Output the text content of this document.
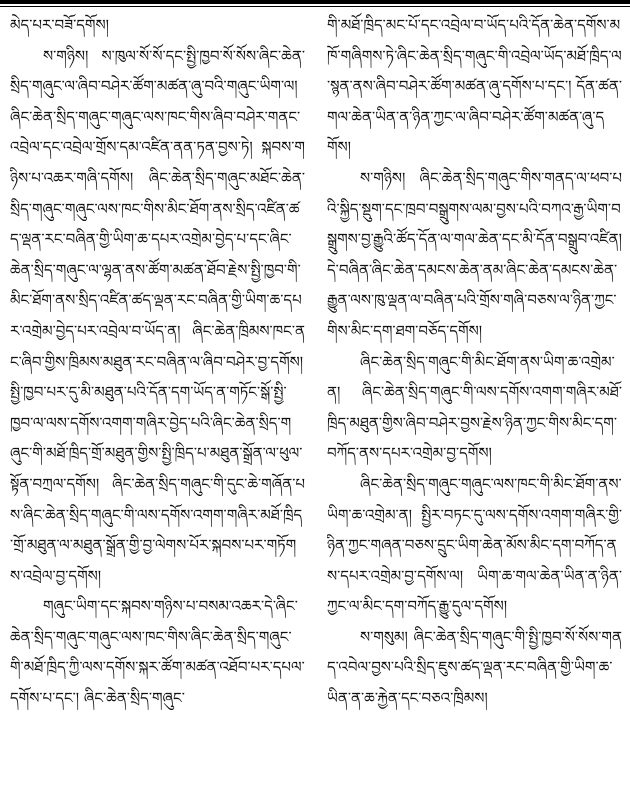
མེད་པར་བཟོ་དགོས།

ས་གཉིས། ས་ཁུལ་སོ་སོ་དང་སྤྱི་ཁྱབ་སོ་སོས་ཞིང་ཆེན་སྲིད་གཞུང་ལ་ཞིབ་བཤེར་ཚོག་མཚན་ཞུ་བའི་གཞུང་ཡིག་ལ། ཞིང་ཆེན་སྲིད་གཞུང་གཞུང་ལས་ཁང་གིས་ཞིབ་བཤེར་གནང་འབྲེལ་དང་འབྲེལ་གྲོས་དམ་འཛིན་ནན་ཏན་བྱས་ཏེ། སྐབས་གཉིས་པ་འཆར་གཞི་དགོས། ཞིང་ཆེན་སྲིད་གཞུང་མཐོང་ཆེན་སྲིད་གཞུང་གཞུང་ལས་ཁང་གིས་མིང་ཐོག་ནས་སྲིད་འཛིན་ཚད་ལྡན་རང་བཞིན་གྱི་ཡིག་ཆ་དཔར་འགྲེམ་བྱེད་པ་དང་ཞིང་ཆེན་སྲིད་གཞུང་ལ་ལྷན་ནས་ཚོག་མཚན་ཐོབ་རྗེས་སྤྱི་ཁྱབ་གི་མིང་ཐོག་ནས་སྲིད་འཛིན་ཚད་ལྡན་རང་བཞིན་གྱི་ཡིག་ཆ་དཔར་འགྲེམ་བྱེད་པར་འབྲེལ་བ་ཡོད་ན། ཞིང་ཆེན་ཁྲིམས་ཁང་ནང་ཞིབ་གྱིས་ཁྲིམས་མཐུན་རང་བཞིན་ལ་ཞིབ་བཤེར་བྱ་དགོས། སྤྱི་ཁྱབ་པར་དུ་མི་མཐུན་པའི་དོན་དག་ཡོད་ན་གཏོང་སྒོ་སྤྱི་ཁྱབ་ལ་ལས་དགོས་འགག་གཞིར་བྱེད་པའི་ཞིང་ཆེན་སྲིད་གཞུང་གི་མཐོ་ཁྲིད་གྲོ་མཐུན་གྱིས་སྤྱི་ཁྲིད་པ་མཐུན་སྒྲོན་ལ་ཕུལ་སྟོན་བཀྲལ་དགོས། ཞིང་ཆེན་སྲིད་གཞུང་གི་དུང་ཆེ་གཞོན་པས་ཞིང་ཆེན་སྲིད་གཞུང་གི་ལས་དགོས་འགག་གཞིར་མཐོ་ཁྲིད་གྲོ་མཐུན་ལ་མཐུན་སྒྲོན་གྱི་བྱ་ལེགས་པོར་སྐབས་པར་གཏོགས་འབྲེལ་བྱ་དགོས།

གཞུང་ཡིག་དང་སྐབས་གཉིས་པ་བསམ་འཆར་དེ་ཞིང་ཆེན་སྲིད་གཞུང་གཞུང་ལས་ཁང་གིས་ཞིང་ཆེན་སྲིད་གཞུང་གི་མཐོ་ཁྲིད་ཀྱི་ལས་དགོས་སྐར་ཚོག་མཚན་འཐོབ་པར་དཔལ་དགོས་པ་དང་། ཞིང་ཆེན་སྲིད་གཞུང་

གི་མཐོ་ཁྲིད་མང་པོ་དང་འབྲེལ་བ་ཡོད་པའི་དོན་ཆེན་དགོས་མཁོ་གཞིགས་ཏེ་ཞིང་ཆེན་སྲིད་གཞུང་གི་འབྲེལ་ཡོད་མཐོ་ཁྲིད་ལ་སྙན་ནས་ཞིབ་བཤེར་ཚོག་མཚན་ཞུ་དགོས་པ་དང་། དོན་ཚན་གལ་ཆེན་ཡིན་ན་ཉིན་ཀྱང་ལ་ཞིབ་བཤེར་ཚོག་མཚན་ཞུ་དགོས།

ས་གཉིས། ཞིང་ཆེན་སྲིད་གཞུང་གིས་གནད་ལ་ཕབ་པའི་སྐྱིད་སྡུག་དང་ཁྲབ་བསྒྲུགས་ལམ་བྱས་པའི་བཀའ་རྒྱ་ཡིག་བསྒྲུགས་བྱ་རྒྱུའི་ཚོད་དོན་ལ་གལ་ཆེན་དང་མི་དོན་བསྒྲུབ་འཛིན། དེ་བཞིན་ཞིང་ཆེན་དམངས་ཆེན་ནམ་ཞིང་ཆེན་དམངས་ཆེན་རྒྱུན་ལས་ཁུ་ལྡན་ལ་བཞིན་པའི་གྲོས་གཞི་བཅས་ལ་ཉིན་ཀྱང་གིས་མིང་དག་ཐག་བཅོད་དགོས།

ཞིང་ཆེན་སྲིད་གཞུང་གི་མིང་ཐོག་ནས་ཡིག་ཆ་འགྲེམ་ན། ཞིང་ཆེན་སྲིད་གཞུང་གི་ལས་དགོས་འགག་གཞིར་མཐོ་ཁྲིད་མཐུན་གྱིས་ཞིབ་བཤེར་བྱས་རྗེས་ཉིན་ཀྱང་གིས་མིང་དག་བཀོད་ནས་དཔར་འགྲེམ་བྱ་དགོས།

ཞིང་ཆེན་སྲིད་གཞུང་གཞུང་ལས་ཁང་གི་མིང་ཐོག་ནས་ཡིག་ཆ་འགྲེམ་ན། སྤྱིར་བཏང་དུ་ལས་དགོས་འགག་གཞིར་གྱི་ཉིན་ཀྱང་གཞན་བཅས་དྲུང་ཡིག་ཆེན་མོས་མིང་དག་བཀོད་ནས་དཔར་འགྲེམ་བྱ་དགོས་ལ། ཡིག་ཆ་གལ་ཆེན་ཡིན་ན་ཉིན་ཀྱང་ལ་མིང་དག་བཀོད་རྒྱུ་དུལ་དགོས།

ས་གསུམ། ཞིང་ཆེན་སྲིད་གཞུང་གི་སྤྱི་ཁྱབ་སོ་སོས་གནད་འབེལ་བྱས་པའི་སྲིད་ཇུས་ཚད་ལྡན་རང་བཞིན་གྱི་ཡིག་ཆ་ཡིན་ན་ཆ་རྐྱེན་དང་བཅའ་ཁྲིམས།
